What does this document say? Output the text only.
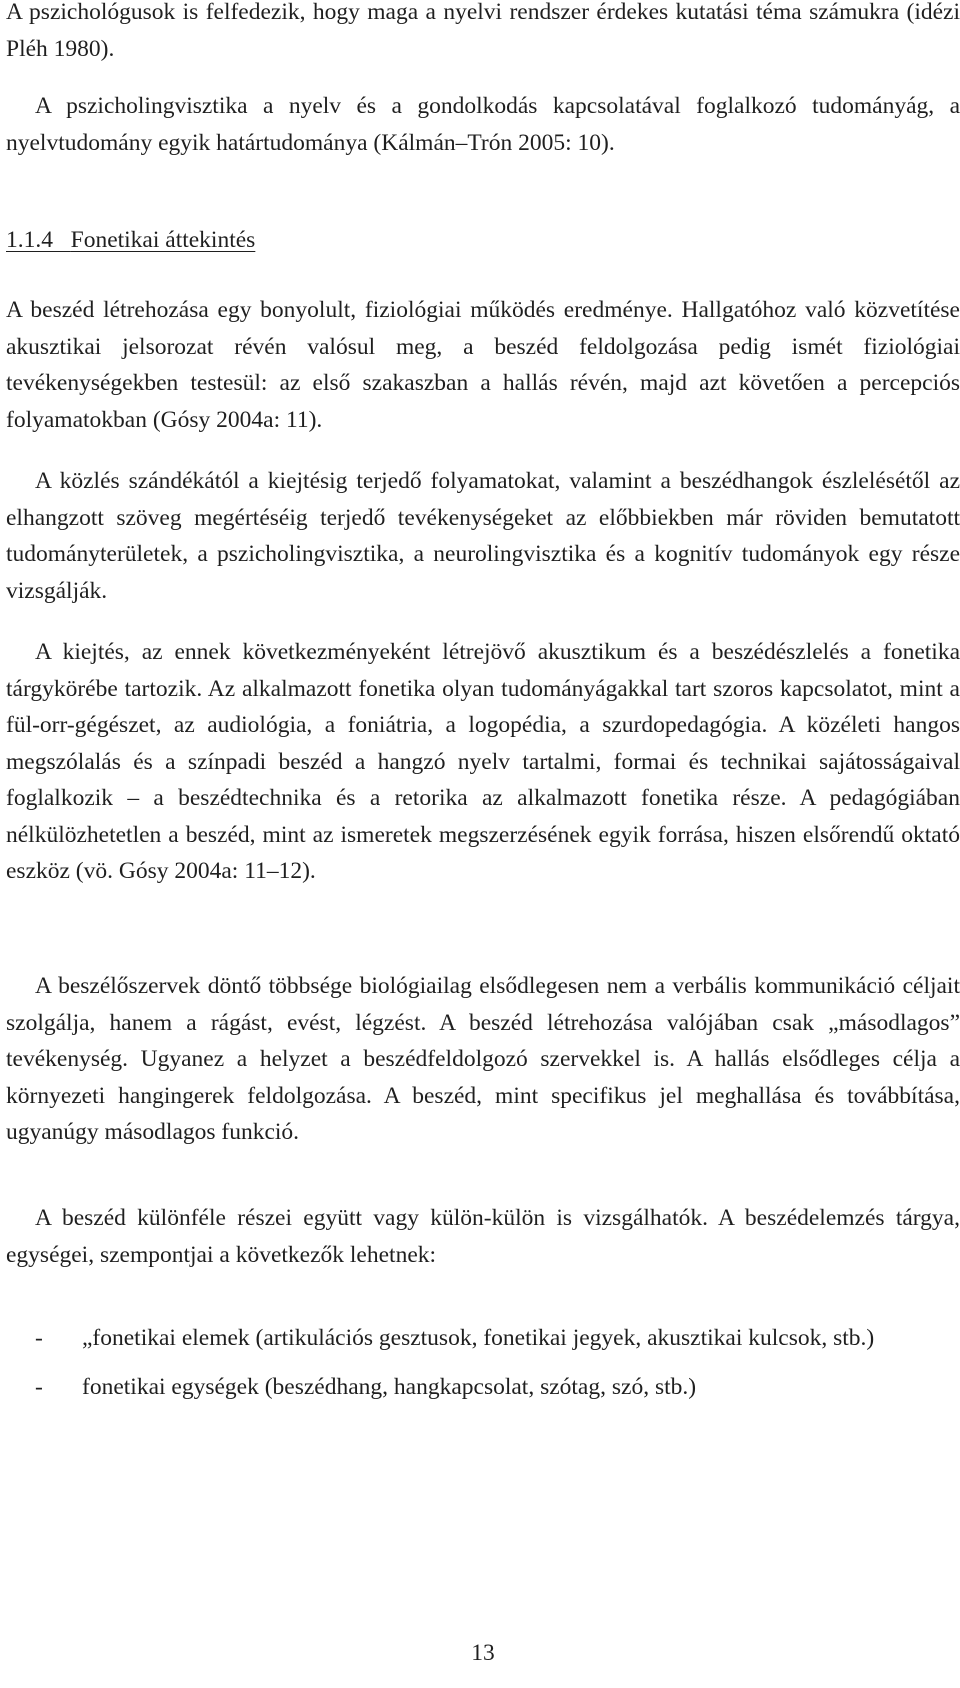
A pszichológusok is felfedezik, hogy maga a nyelvi rendszer érdekes kutatási téma számukra (idézi Pléh 1980).

A pszicholingvisztika a nyelv és a gondolkodás kapcsolatával foglalkozó tudományág, a nyelvtudomány egyik határtudománya (Kálmán–Trón 2005: 10).

1.1.4 Fonetikai áttekintés

A beszéd létrehozása egy bonyolult, fiziológiai működés eredménye. Hallgatóhoz való közvetítése akusztikai jelsorozat révén valósul meg, a beszéd feldolgozása pedig ismét fiziológiai tevékenységekben testesül: az első szakaszban a hallás révén, majd azt követően a percepciós folyamatokban (Gósy 2004a: 11).

A közlés szándékától a kiejtésig terjedő folyamatokat, valamint a beszédhangok észlelésétől az elhangzott szöveg megértéséig terjedő tevékenységeket az előbbiekben már röviden bemutatott tudományterületek, a pszicholingvisztika, a neurolingvisztika és a kognitív tudományok egy része vizsgálják.

A kiejtés, az ennek következményeként létrejövő akusztikum és a beszédészlelés a fonetika tárgykörébe tartozik. Az alkalmazott fonetika olyan tudományágakkal tart szoros kapcsolatot, mint a fül-orr-gégészet, az audiológia, a foniátria, a logopédia, a szurdopedagógia. A közéleti hangos megszólalás és a színpadi beszéd a hangzó nyelv tartalmi, formai és technikai sajátosságaival foglalkozik – a beszédtechnika és a retorika az alkalmazott fonetika része. A pedagógiában nélkülözhetetlen a beszéd, mint az ismeretek megszerzésének egyik forrása, hiszen elsőrendű oktató eszköz (vö. Gósy 2004a: 11–12).

A beszélőszervek döntő többsége biológiailag elsődlegesen nem a verbális kommunikáció céljait szolgálja, hanem a rágást, evést, légzést. A beszéd létrehozása valójában csak „másodlagos” tevékenység. Ugyanez a helyzet a beszédfeldolgozó szervekkel is. A hallás elsődleges célja a környezeti hangingerek feldolgozása. A beszéd, mint specifikus jel meghallása és továbbítása, ugyanúgy másodlagos funkció.

A beszéd különféle részei együtt vagy külön-külön is vizsgálhatók. A beszédelemzés tárgya, egységei, szempontjai a következők lehetnek:

- „fonetikai elemek (artikulációs gesztusok, fonetikai jegyek, akusztikai kulcsok, stb.)
- fonetikai egységek (beszédhang, hangkapcsolat, szótag, szó, stb.)
13
